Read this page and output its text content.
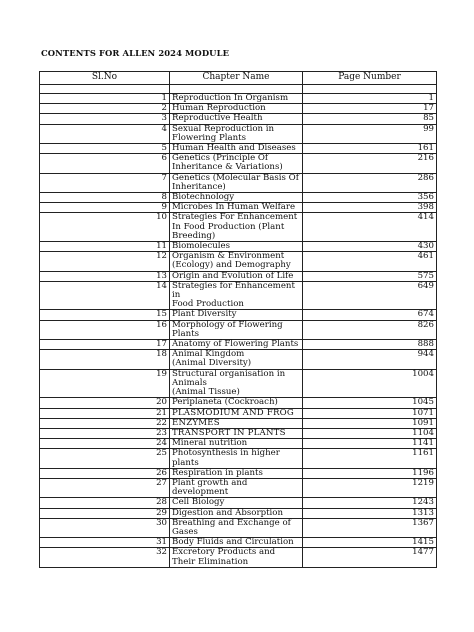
CONTENTS FOR ALLEN 2024 MODULE
Sl.No	Chapter Name	Page Number

1	Reproduction In Organism	1
2	Human Reproduction	17
3	Reproductive Health	85
4	Sexual Reproduction in
Flowering Plants	99
5	Human Health and Diseases	161
6	Genetics (Principle Of
Inheritance & Variations)	216
7	Genetics (Molecular Basis Of
Inheritance)	286
8	Biotechnology	356
9	Microbes In Human Welfare	398
10	Strategies For Enhancement
In Food Production (Plant
Breeding)	414
11	Biomolecules	430
12	Organism & Environment
(Ecology) and Demography	461
13	Origin and Evolution of Life	575
14	Strategies for Enhancement in
Food Production	649
15	Plant Diversity	674
16	Morphology of Flowering
Plants	826
17	Anatomy of Flowering Plants	888
18	Animal Kingdom
(Animal Diversity)	944
19	Structural organisation in
Animals
(Animal Tissue)	1004
20	Periplaneta (Cockroach)	1045
21	PLASMODIUM AND FROG	1071
22	ENZYMES	1091
23	TRANSPORT IN PLANTS	1104
24	Mineral nutrition	1141
25	Photosynthesis in higher
plants	1161
26	Respiration in plants	1196
27	Plant growth and development	1219
28	Cell Biology	1243
29	Digestion and Absorption	1313
30	Breathing and Exchange of
Gases	1367
31	Body Fluids and Circulation	1415
32	Excretory Products and
Their Elimination	1477
